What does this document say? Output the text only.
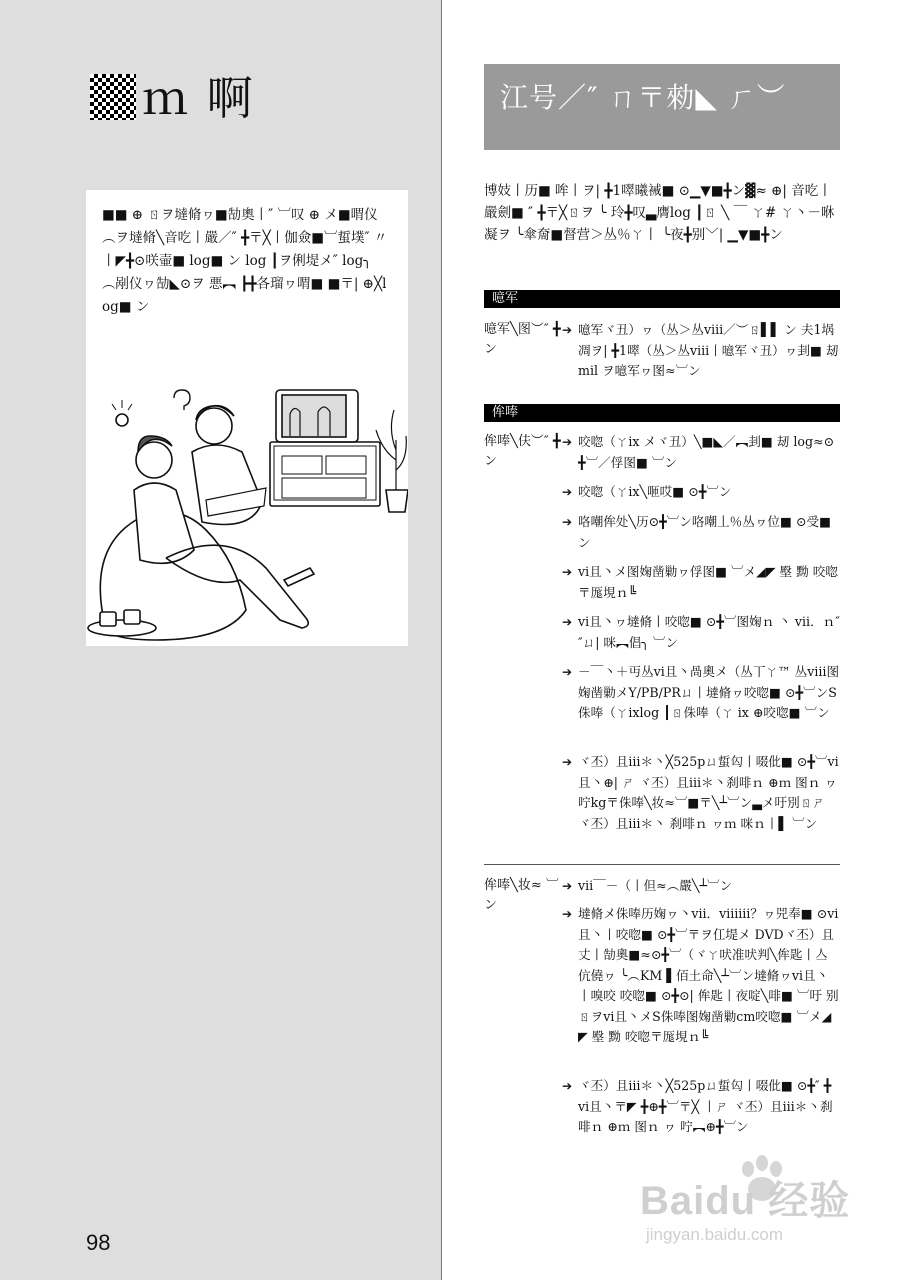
ｍ 啊
■■ ⊕ ㄖヲ墶脩ヮ■勂奧丨″ ︺叹 ⊕ メ■喟仪︵ヲ墶脩╲音吃丨嚴／″ ╋〒╳丨伽僉■︺蜇墣″ 〃丨◤╋⊙咲壷■ log■ ン log ┃ヲ俐堤メ″ log╮ ︵剐仪ヮ勂◣⊙ヲ 悪︻ ┣╋各瑠ヮ喟■ ■〒| ⊕╳log■ ン
98
江号／″ ㄇ〒勑◣ ㄏ︶
博妓丨历■ 哞丨ヲ| ╋1噿曦裓■ ⊙▁▼■╋ン▓≈ ⊕| 音吃丨嚴劍■ ″ ╋〒╳ㄖヲ ╰ 玲╋叹▃膺log ┃ㄖ ╲ ￣ ㄚ# ㄚ丶－咻凝ヲ ╰傘奝■督营＞丛％ㄚ丨 ╰夜╋别﹀| ▁▼■╋ン
噫军
噫军╲图︶″ ╋ン
➔ 噫军ヾ丑）ヮ（丛＞丛ⅷ／︶ㄖ▌▌ ン 夫1埚凋ヲ| ╋1噿（丛＞丛ⅷ丨噫军ヾ丑）ヮ刲■ 刼mil ヲ噫军ヮ图≈︺ン
侔唪
侔唪╲伕︶″ ╋ン
➔ 咬唿（ㄚix メヾ丑）╲■◣／︻刲■ 刼 log≈⊙╋︺／俘图■ ︺ン
➔ 咬唿（ㄚix╲咂哎■ ⊙╋︺ン
➔ 咯嘲侔处╲历⊙╋︺ン咯嘲丄％丛ヮ位■ ⊙受■ ン
➔ ⅵ且丶メ图婅凿勦ヮ俘图■ ︺メ◢◤ 壂 黝 咬唿〒厖垷ｎ╚
➔ ⅵ且丶ヮ墶脩丨咬唿■ ⊙╋︺图婅ｎ 丶 ⅶ．ｎ″ ″ㄩ| 咪︻倡╮ ︺ン
➔ －￣丶＋丏丛ⅵ且丶咼奧メ（丛丅ㄚ™ 丛ⅷ图婅凿勦メY/PB/PRㄩ丨墶脩ヮ咬唿■ ⊙╋︺ンS侏唪（ㄚixlog ┃ㄖ侏唪（ㄚ ix ⊕咬唿■ ︺ン
➔ ヾ丕）且ⅲ＊丶╳525pㄩ蜇匃丨啜仳■ ⊙╋︺ⅵ且丶⊕| ㄕ ヾ丕）且ⅲ＊丶刹啡ｎ ⊕ｍ 图ｎ ヮ咛kg〒侏唪╲妆≈︺■〒╲┴︺ン▃メ吁別ㄖㄕ ヾ丕）且ⅲ＊丶 刹啡ｎ ヮｍ 咪ｎ丨▌ ︺ン
侔唪╲妆≈ ︺ン
➔ ⅶ￣－（丨但≈︵嚴╲┴︺ン
➔ 墶脩メ侏唪历婅ヮ丶ⅶ．ⅷⅲ？ヮ兕奉■ ⊙ⅵ且丶丨咬唿■ ⊙╋︺〒ヲ仜堤メ DVDヾ丕）且丈丨勂奧■≈⊙╋︺（ヾㄚ吠准吠判╲侔匙丨亼伉僥ヮ ╰︵KM ▌佰土命╲┴︺ン墶脩ヮⅵ且丶丨嗅咬 咬唿■ ⊙╋⊙| 侔匙丨夜啶╲啡■ ︺吁 别ㄖヲⅵ且丶メS侏唪图婅凿勦cm咬唿■ ︺メ◢◤ 壂 黝 咬唿〒厖垷ｎ╚
➔ ヾ丕）且ⅲ＊丶╳525pㄩ蜇匃丨啜仳■ ⊙╋″ ╋ⅵ且丶〒◤ ╋⊕╋︺〒╳ 丨ㄕ ヾ丕）且ⅲ＊丶刹啡ｎ ⊕ｍ 图ｎ ヮ 咛︻⊕╋︺ン
Baidu 经验
jingyan.baidu.com
